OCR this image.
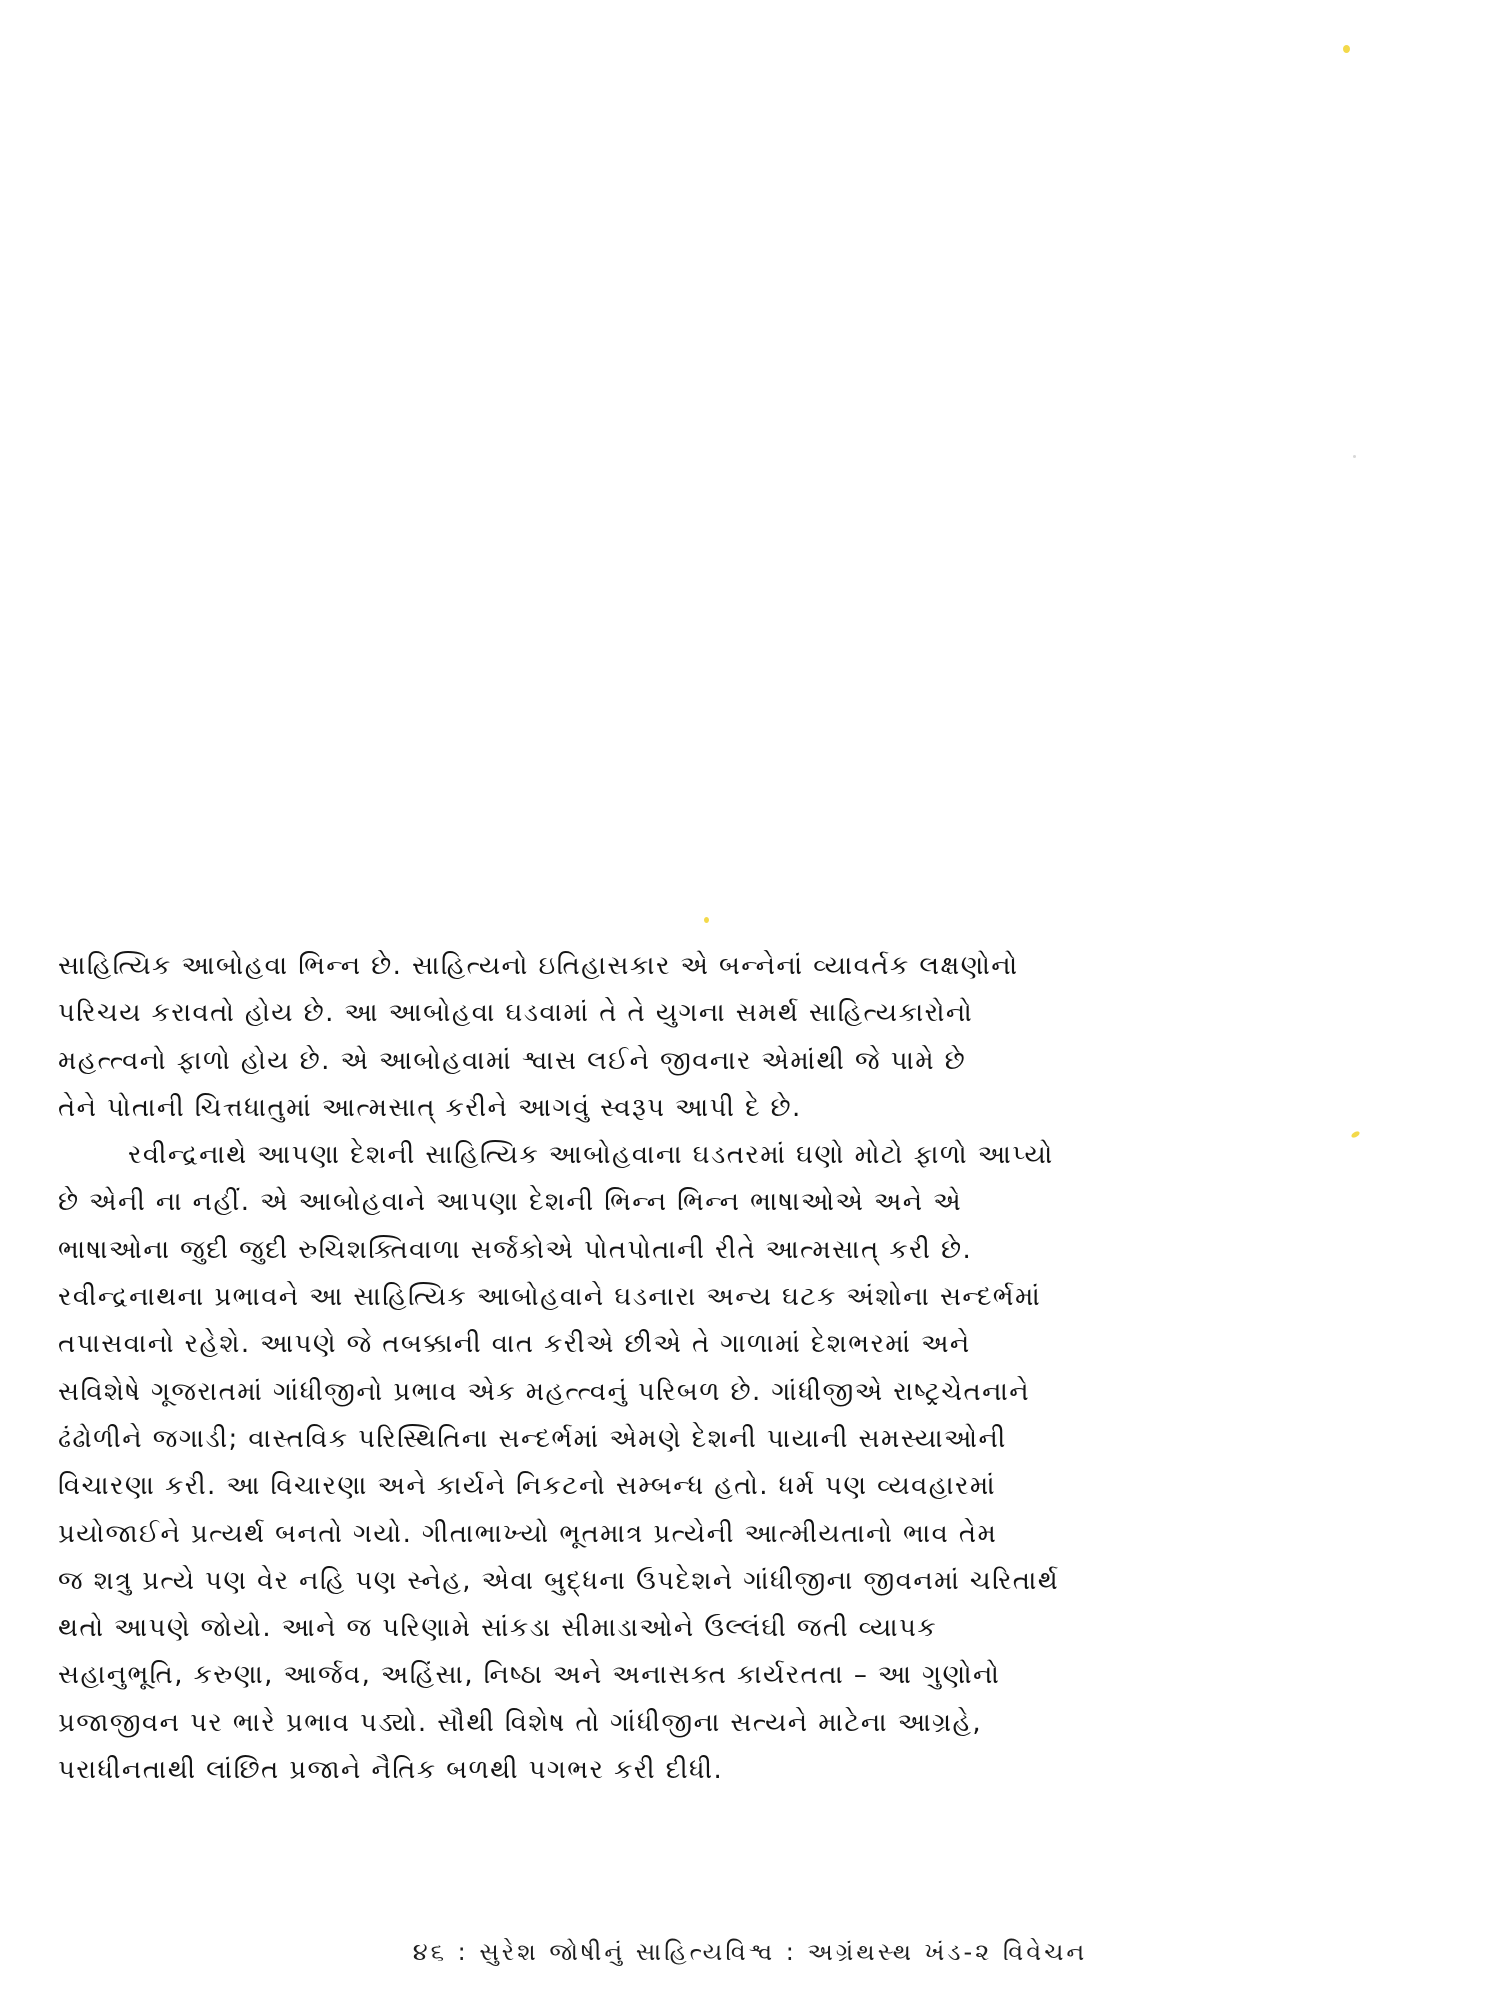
સાહિત્યિક આબોહવા ભિન્ન છે. સાહિત્યનો ઇતિહાસકાર એ બન્નેનાં વ્યાવર્તક લક્ષણોનો
પરિચય કરાવતો હોય છે. આ આબોહવા ઘડવામાં તે તે યુગના સમર્થ સાહિત્યકારોનો
મહત્ત્વનો ફાળો હોય છે. એ આબોહવામાં શ્વાસ લઈને જીવનાર એમાંથી જે પામે છે
તેને પોતાની ચિત્તધાતુમાં આત્મસાત્ કરીને આગવું સ્વરૂપ આપી દે છે.
રવીન્દ્રનાથે આપણા દેશની સાહિત્યિક આબોહવાના ઘડતરમાં ઘણો મોટો ફાળો આપ્યો
છે એની ના નહીં. એ આબોહવાને આપણા દેશની ભિન્ન ભિન્ન ભાષાઓએ અને એ
ભાષાઓના જુદી જુદી રુચિશક્તિવાળા સર્જકોએ પોતપોતાની રીતે આત્મસાત્ કરી છે.
રવીન્દ્રનાથના પ્રભાવને આ સાહિત્યિક આબોહવાને ઘડનારા અન્ય ઘટક અંશોના સન્દર્ભમાં
તપાસવાનો રહેશે. આપણે જે તબક્કાની વાત કરીએ છીએ તે ગાળામાં દેશભરમાં અને
સવિશેષે ગૂજરાતમાં ગાંધીજીનો પ્રભાવ એક મહત્ત્વનું પરિબળ છે. ગાંધીજીએ રાષ્ટ્રચેતનાને
ઢંઢોળીને જગાડી; વાસ્તવિક પરિસ્થિતિના સન્દર્ભમાં એમણે દેશની પાયાની સમસ્યાઓની
વિચારણા કરી. આ વિચારણા અને કાર્યને નિકટનો સમ્બન્ધ હતો. ધર્મ પણ વ્યવહારમાં
પ્રયોજાઈને પ્રત્યર્થ બનતો ગયો. ગીતાભાખ્યો ભૂતમાત્ર પ્રત્યેની આત્મીયતાનો ભાવ તેમ
જ શત્રુ પ્રત્યે પણ વેર નહિ પણ સ્નેહ, એવા બુદ્ધના ઉપદેશને ગાંધીજીના જીવનમાં ચરિતાર્થ
થતો આપણે જોયો. આને જ પરિણામે સાંકડા સીમાડાઓને ઉલ્લંઘી જતી વ્યાપક
સહાનુભૂતિ, કરુણા, આર્જવ, અહિંસા, નિષ્ઠા અને અનાસક્ત કાર્યરતતા – આ ગુણોનો
પ્રજાજીવન પર ભારે પ્રભાવ પડ્યો. સૌથી વિશેષ તો ગાંધીજીના સત્યને માટેના આગ્રહે,
પરાધીનતાથી લાંછિત પ્રજાને નૈતિક બળથી પગભર કરી દીધી.
૪૬ : સુરેશ જોષીનું સાહિત્યવિશ્વ : અગ્રંથસ્થ ખંડ-૨ વિવેચન
